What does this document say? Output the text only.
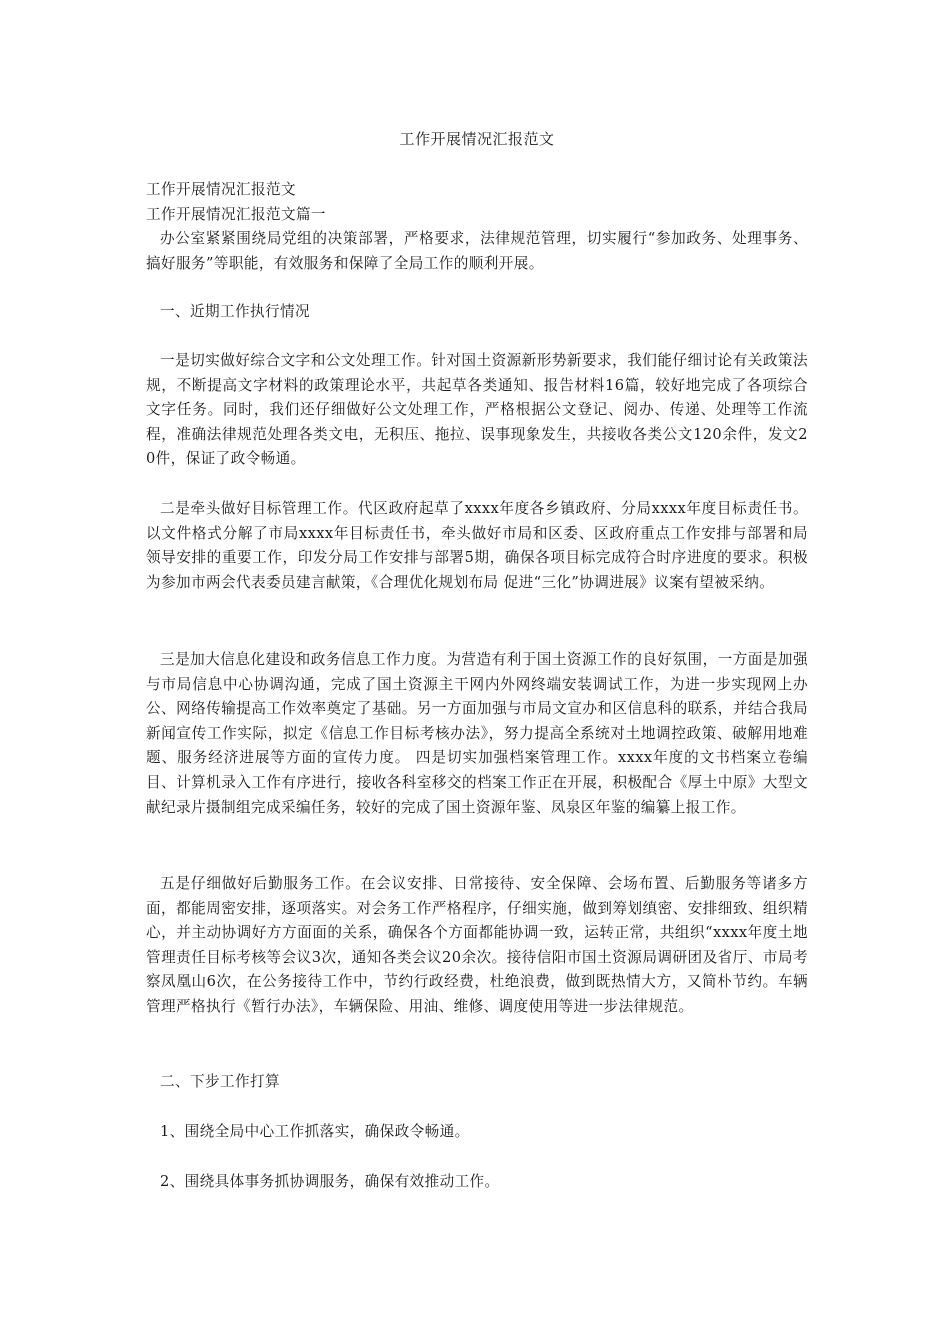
工作开展情况汇报范文
工作开展情况汇报范文
工作开展情况汇报范文篇一
办公室紧紧围绕局党组的决策部署，严格要求，法律规范管理，切实履行“参加政务、处理事务、搞好服务”等职能，有效服务和保障了全局工作的顺利开展。
一、近期工作执行情况
一是切实做好综合文字和公文处理工作。针对国土资源新形势新要求，我们能仔细讨论有关政策法规，不断提高文字材料的政策理论水平，共起草各类通知、报告材料16篇，较好地完成了各项综合文字任务。同时，我们还仔细做好公文处理工作，严格根据公文登记、阅办、传递、处理等工作流程，准确法律规范处理各类文电，无积压、拖拉、误事现象发生，共接收各类公文120余件，发文20件，保证了政令畅通。
二是牵头做好目标管理工作。代区政府起草了xxxx年度各乡镇政府、分局xxxx年度目标责任书。以文件格式分解了市局xxxx年目标责任书，牵头做好市局和区委、区政府重点工作安排与部署和局领导安排的重要工作，印发分局工作安排与部署5期，确保各项目标完成符合时序进度的要求。积极为参加市两会代表委员建言献策，《合理优化规划布局 促进“三化”协调进展》议案有望被采纳。
三是加大信息化建设和政务信息工作力度。为营造有利于国土资源工作的良好氛围，一方面是加强与市局信息中心协调沟通，完成了国土资源主干网内外网终端安装调试工作，为进一步实现网上办公、网络传输提高工作效率奠定了基础。另一方面加强与市局文宣办和区信息科的联系，并结合我局新闻宣传工作实际，拟定《信息工作目标考核办法》，努力提高全系统对土地调控政策、破解用地难题、服务经济进展等方面的宣传力度。 四是切实加强档案管理工作。xxxx年度的文书档案立卷编目、计算机录入工作有序进行，接收各科室移交的档案工作正在开展，积极配合《厚土中原》大型文献纪录片摄制组完成采编任务，较好的完成了国土资源年鉴、凤泉区年鉴的编纂上报工作。
五是仔细做好后勤服务工作。在会议安排、日常接待、安全保障、会场布置、后勤服务等诸多方面，都能周密安排，逐项落实。对会务工作严格程序，仔细实施，做到筹划缜密、安排细致、组织精心，并主动协调好方方面面的关系，确保各个方面都能协调一致，运转正常，共组织“xxxx年度土地管理责任目标考核等会议3次，通知各类会议20余次。接待信阳市国土资源局调研团及省厅、市局考察凤凰山6次，在公务接待工作中，节约行政经费，杜绝浪费，做到既热情大方，又简朴节约。车辆管理严格执行《暂行办法》，车辆保险、用油、维修、调度使用等进一步法律规范。
二、下步工作打算
1、围绕全局中心工作抓落实，确保政令畅通。
2、围绕具体事务抓协调服务，确保有效推动工作。
